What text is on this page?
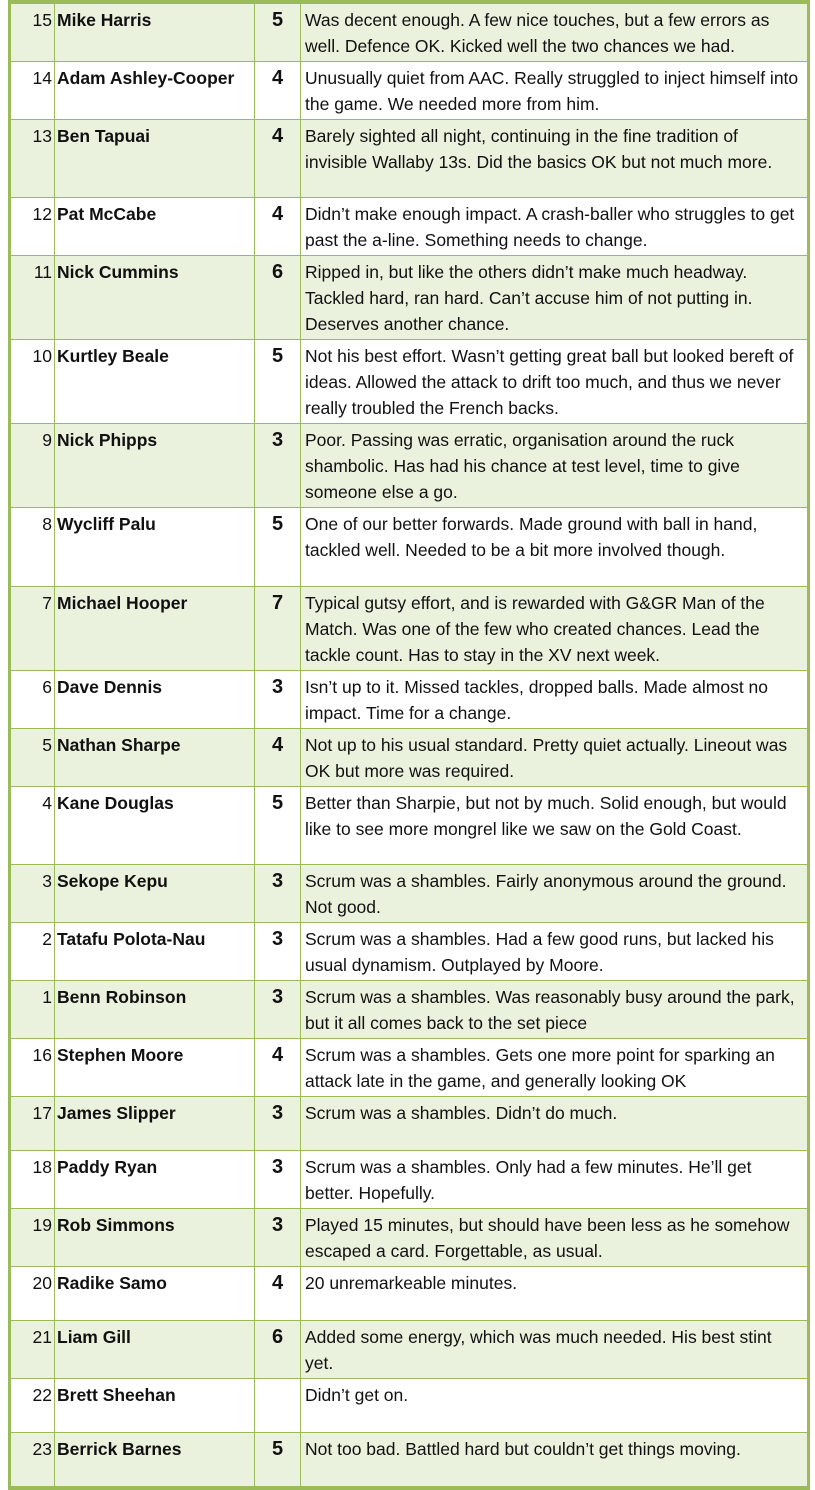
15	Mike Harris	5	Was decent enough. A few nice touches, but a few errors as well. Defence OK. Kicked well the two chances we had.
14	Adam Ashley-Cooper	4	Unusually quiet from AAC. Really struggled to inject himself into the game. We needed more from him.
13	Ben Tapuai	4	Barely sighted all night, continuing in the fine tradition of invisible Wallaby 13s. Did the basics OK but not much more.
12	Pat McCabe	4	Didn’t make enough impact. A crash-baller who struggles to get past the a-line. Something needs to change.
11	Nick Cummins	6	Ripped in, but like the others didn’t make much headway. Tackled hard, ran hard. Can’t accuse him of not putting in. Deserves another chance.
10	Kurtley Beale	5	Not his best effort. Wasn’t getting great ball but looked bereft of ideas. Allowed the attack to drift too much, and thus we never really troubled the French backs.
9	Nick Phipps	3	Poor. Passing was erratic, organisation around the ruck shambolic. Has had his chance at test level, time to give someone else a go.
8	Wycliff Palu	5	One of our better forwards. Made ground with ball in hand, tackled well. Needed to be a bit more involved though.
7	Michael Hooper	7	Typical gutsy effort, and is rewarded with G&GR Man of the Match. Was one of the few who created chances. Lead the tackle count. Has to stay in the XV next week.
6	Dave Dennis	3	Isn’t up to it. Missed tackles, dropped balls. Made almost no impact. Time for a change.
5	Nathan Sharpe	4	Not up to his usual standard. Pretty quiet actually. Lineout was OK but more was required.
4	Kane Douglas	5	Better than Sharpie, but not by much. Solid enough, but would like to see more mongrel like we saw on the Gold Coast.
3	Sekope Kepu	3	Scrum was a shambles. Fairly anonymous around the ground. Not good.
2	Tatafu Polota-Nau	3	Scrum was a shambles. Had a few good runs, but lacked his usual dynamism. Outplayed by Moore.
1	Benn Robinson	3	Scrum was a shambles. Was reasonably busy around the park, but it all comes back to the set piece
16	Stephen Moore	4	Scrum was a shambles. Gets one more point for sparking an attack late in the game, and generally looking OK
17	James Slipper	3	Scrum was a shambles. Didn’t do much.
18	Paddy Ryan	3	Scrum was a shambles. Only had a few minutes. He’ll get better. Hopefully.
19	Rob Simmons	3	Played 15 minutes, but should have been less as he somehow escaped a card. Forgettable, as usual.
20	Radike Samo	4	20 unremarkeable minutes.
21	Liam Gill	6	Added some energy, which was much needed. His best stint yet.
22	Brett Sheehan		Didn’t get on.
23	Berrick Barnes	5	Not too bad. Battled hard but couldn’t get things moving.
